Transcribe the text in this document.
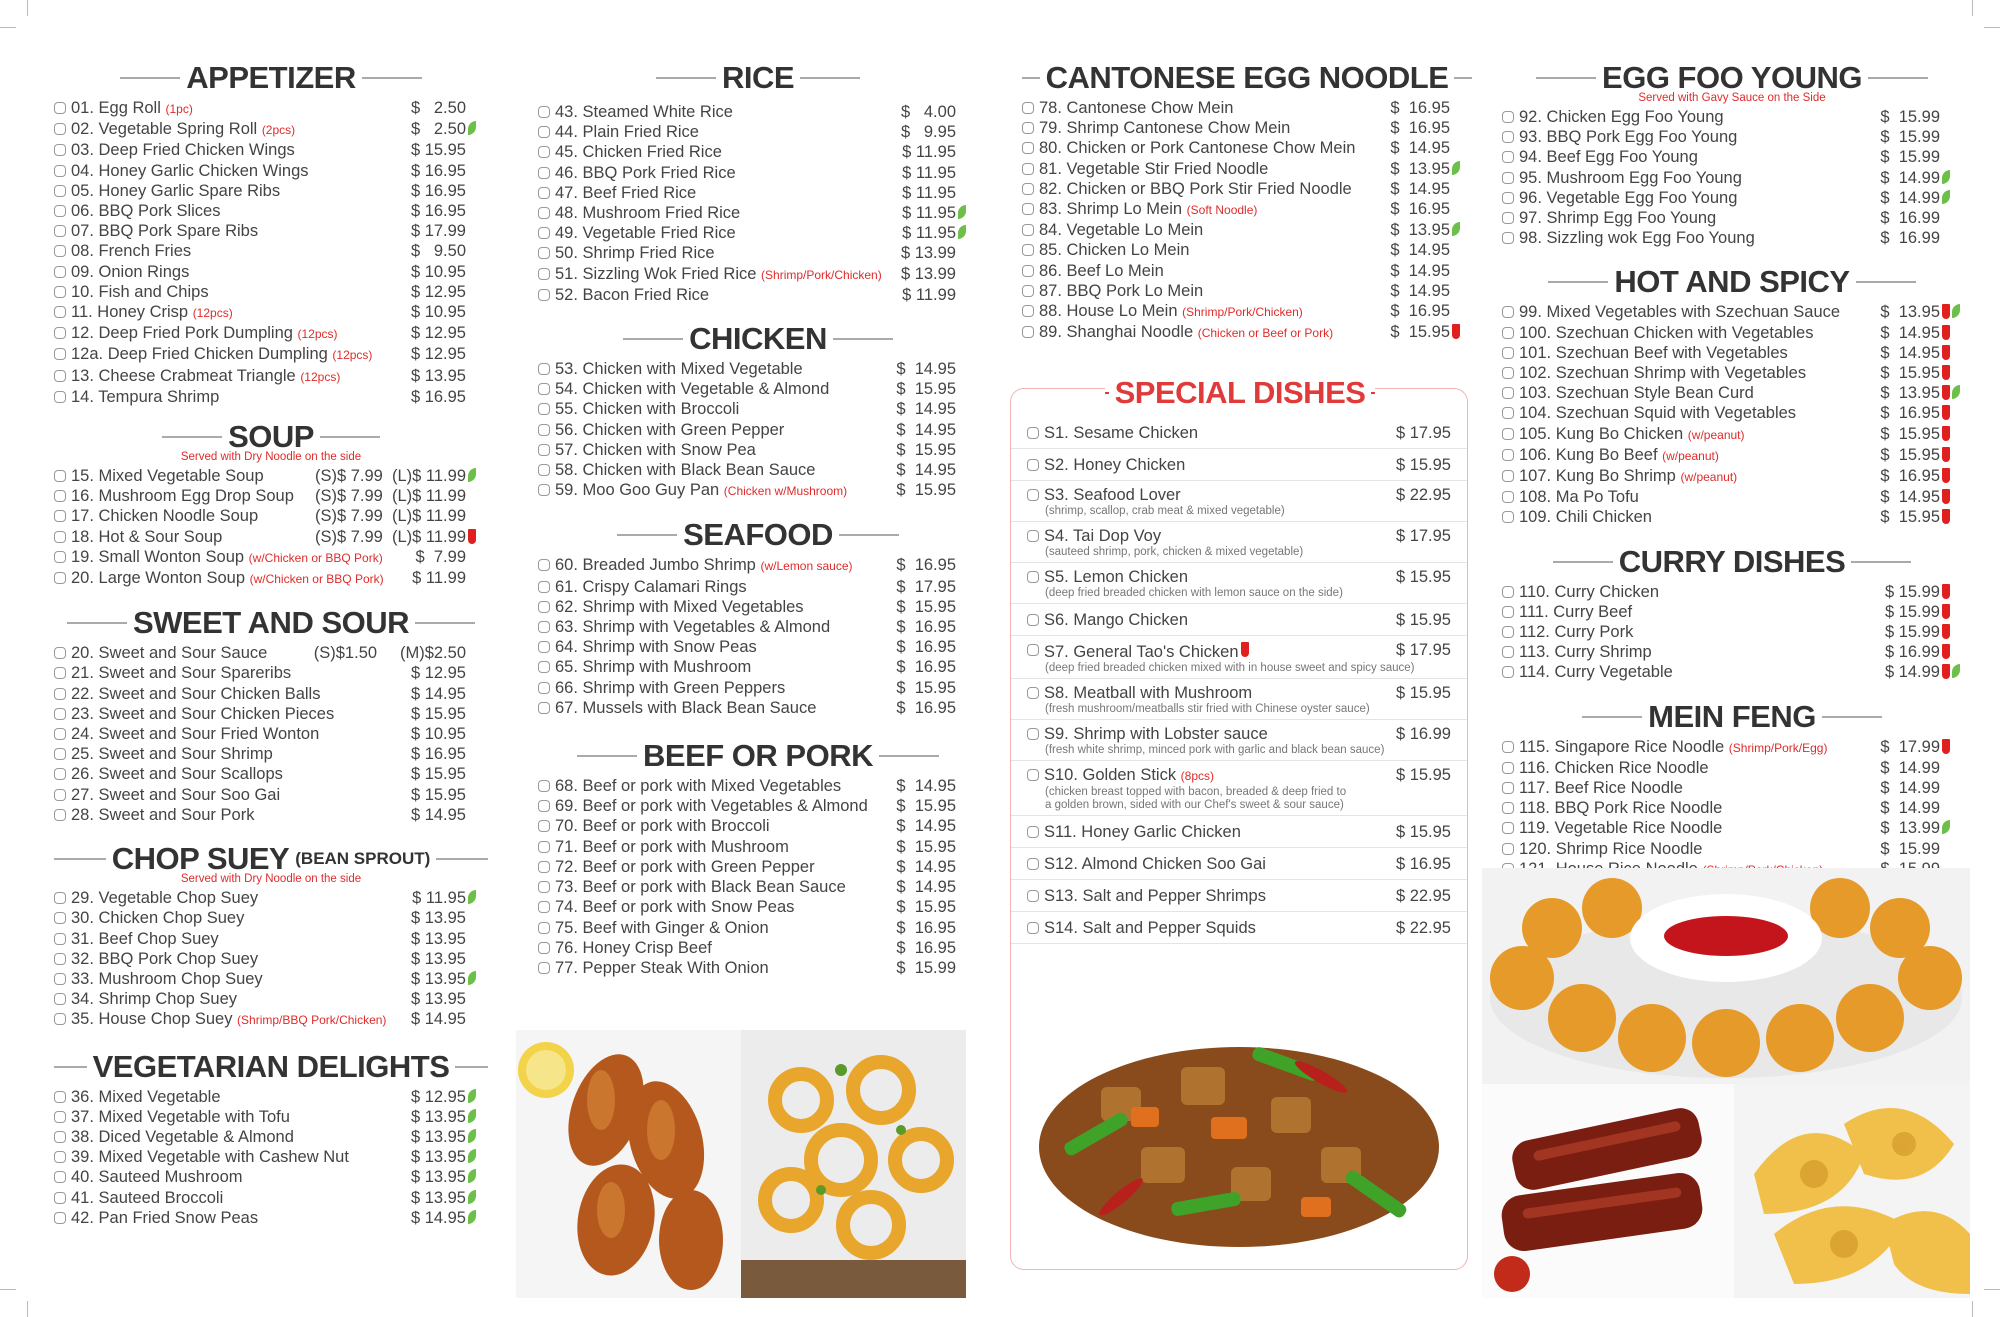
APPETIZER
01. Egg Roll (1pc)	$   2.50
02. Vegetable Spring Roll (2pcs)	$   2.50
03. Deep Fried Chicken Wings	$ 15.95
04. Honey Garlic Chicken Wings	$ 16.95
05. Honey Garlic Spare Ribs	$ 16.95
06. BBQ Pork Slices	$ 16.95
07. BBQ Pork Spare Ribs	$ 17.99
08. French Fries	$   9.50
09. Onion Rings	$ 10.95
10. Fish and Chips	$ 12.95
11. Honey Crisp (12pcs)	$ 10.95
12. Deep Fried Pork Dumpling (12pcs)	$ 12.95
12a. Deep Fried Chicken Dumpling (12pcs)	$ 12.95
13. Cheese Crabmeat Triangle (12pcs)	$ 13.95
14. Tempura Shrimp	$ 16.95
SOUP
Served with Dry Noodle on the side
15. Mixed Vegetable Soup	(S)$ 7.99  (L)$ 11.99
16. Mushroom Egg Drop Soup	(S)$ 7.99  (L)$ 11.99
17. Chicken Noodle Soup	(S)$ 7.99  (L)$ 11.99
18. Hot & Sour Soup	(S)$ 7.99  (L)$ 11.99
19. Small Wonton Soup (w/Chicken or BBQ Pork)	$  7.99
20. Large Wonton Soup (w/Chicken or BBQ Pork)	$ 11.99
SWEET AND SOUR
20. Sweet and Sour Sauce	(S)$1.50     (M)$2.50
21. Sweet and Sour Spareribs	$ 12.95
22. Sweet and Sour Chicken Balls	$ 14.95
23. Sweet and Sour Chicken Pieces	$ 15.95
24. Sweet and Sour Fried Wonton	$ 10.95
25. Sweet and Sour Shrimp	$ 16.95
26. Sweet and Sour Scallops	$ 15.95
27. Sweet and Sour Soo Gai	$ 15.95
28. Sweet and Sour Pork	$ 14.95
CHOP SUEY (BEAN SPROUT)
Served with Dry Noodle on the side
29. Vegetable Chop Suey	$ 11.95
30. Chicken Chop Suey	$ 13.95
31. Beef Chop Suey	$ 13.95
32. BBQ Pork Chop Suey	$ 13.95
33. Mushroom Chop Suey	$ 13.95
34. Shrimp Chop Suey	$ 13.95
35. House Chop Suey (Shrimp/BBQ Pork/Chicken)	$ 14.95
VEGETARIAN DELIGHTS
36. Mixed Vegetable	$ 12.95
37. Mixed Vegetable with Tofu	$ 13.95
38. Diced Vegetable & Almond	$ 13.95
39. Mixed Vegetable with Cashew Nut	$ 13.95
40. Sauteed Mushroom	$ 13.95
41. Sauteed Broccoli	$ 13.95
42. Pan Fried Snow Peas	$ 14.95
RICE
43. Steamed White Rice	$   4.00
44. Plain Fried Rice	$   9.95
45. Chicken Fried Rice	$ 11.95
46. BBQ Pork Fried Rice	$ 11.95
47. Beef Fried Rice	$ 11.95
48. Mushroom Fried Rice	$ 11.95
49. Vegetable Fried Rice	$ 11.95
50. Shrimp Fried Rice	$ 13.99
51. Sizzling Wok Fried Rice (Shrimp/Pork/Chicken)	$ 13.99
52. Bacon Fried Rice	$ 11.99
CHICKEN
53. Chicken with Mixed Vegetable	$  14.95
54. Chicken with Vegetable & Almond	$  15.95
55. Chicken with Broccoli	$  14.95
56. Chicken with Green Pepper	$  14.95
57. Chicken with Snow Pea	$  15.95
58. Chicken with Black Bean Sauce	$  14.95
59. Moo Goo Guy Pan (Chicken w/Mushroom)	$  15.95
SEAFOOD
60. Breaded Jumbo Shrimp (w/Lemon sauce)	$  16.95
61. Crispy Calamari Rings	$  17.95
62. Shrimp with Mixed Vegetables	$  15.95
63. Shrimp with Vegetables & Almond	$  16.95
64. Shrimp with Snow Peas	$  16.95
65. Shrimp with Mushroom	$  16.95
66. Shrimp with Green Peppers	$  15.95
67. Mussels with Black Bean Sauce	$  16.95
BEEF OR PORK
68. Beef or pork with Mixed Vegetables	$  14.95
69. Beef or pork with Vegetables & Almond	$  15.95
70. Beef or pork with Broccoli	$  14.95
71. Beef or pork with Mushroom	$  15.95
72. Beef or pork with Green Pepper	$  14.95
73. Beef or pork with Black Bean Sauce	$  14.95
74. Beef or pork with Snow Peas	$  15.95
75. Beef with Ginger & Onion	$  16.95
76. Honey Crisp Beef	$  16.95
77. Pepper Steak With Onion	$  15.99
CANTONESE EGG NOODLE
78. Cantonese Chow Mein	$  16.95
79. Shrimp Cantonese Chow Mein	$  16.95
80. Chicken or Pork Cantonese Chow Mein	$  14.95
81. Vegetable Stir Fried Noodle	$  13.95
82. Chicken or BBQ Pork Stir Fried Noodle	$  14.95
83. Shrimp Lo Mein (Soft Noodle)	$  16.95
84. Vegetable Lo Mein	$  13.95
85. Chicken Lo Mein	$  14.95
86. Beef Lo Mein	$  14.95
87. BBQ Pork Lo Mein	$  14.95
88. House Lo Mein (Shrimp/Pork/Chicken)	$  16.95
89. Shanghai Noodle (Chicken or Beef or Pork)	$  15.95
EGG FOO YOUNG
Served with Gavy Sauce on the Side
92. Chicken Egg Foo Young	$  15.99
93. BBQ Pork Egg Foo Young	$  15.99
94. Beef Egg Foo Young	$  15.99
95. Mushroom Egg Foo Young	$  14.99
96. Vegetable Egg Foo Young	$  14.99
97. Shrimp Egg Foo Young	$  16.99
98. Sizzling wok Egg Foo Young	$  16.99
HOT AND SPICY
99. Mixed Vegetables with Szechuan Sauce	$  13.95
100. Szechuan Chicken with Vegetables	$  14.95
101. Szechuan Beef with Vegetables	$  14.95
102. Szechuan Shrimp with Vegetables	$  15.95
103. Szechuan Style Bean Curd	$  13.95
104. Szechuan Squid with Vegetables	$  16.95
105. Kung Bo Chicken (w/peanut)	$  15.95
106. Kung Bo Beef (w/peanut)	$  15.95
107. Kung Bo Shrimp (w/peanut)	$  16.95
108. Ma Po Tofu	$  14.95
109. Chili Chicken	$  15.95
CURRY DISHES
110. Curry Chicken	$ 15.99
111. Curry Beef	$ 15.99
112. Curry Pork	$ 15.99
113. Curry Shrimp	$ 16.99
114. Curry Vegetable	$ 14.99
MEIN FENG
115. Singapore Rice Noodle (Shrimp/Pork/Egg)	$  17.99
116. Chicken Rice Noodle	$  14.99
117. Beef Rice Noodle	$  14.99
118. BBQ Pork Rice Noodle	$  14.99
119. Vegetable Rice Noodle	$  13.99
120. Shrimp Rice Noodle	$  15.99
SPECIAL DISHES
S1. Sesame Chicken	$ 17.95
S2. Honey Chicken	$ 15.95
S3. Seafood Lover	$ 22.95
(shrimp, scallop, crab meat & mixed vegetable)
S4. Tai Dop Voy	$ 17.95
(sauteed shrimp, pork, chicken & mixed vegetable)
S5. Lemon Chicken	$ 15.95
(deep fried breaded chicken with lemon sauce on the side)
S6. Mango Chicken	$ 15.95
S7. General Tao's Chicken	$ 17.95
(deep fried breaded chicken mixed with in house sweet and spicy sauce)
S8. Meatball with Mushroom	$ 15.95
(fresh mushroom/meatballs stir fried with Chinese oyster sauce)
S9. Shrimp with Lobster sauce	$ 16.99
(fresh white shrimp, minced pork with garlic and black bean sauce)
S10. Golden Stick (8pcs)	$ 15.95
(chicken breast topped with bacon, breaded & deep fried to
a golden brown, sided with our Chef's sweet & sour sauce)
S11. Honey Garlic Chicken	$ 15.95
S12. Almond Chicken Soo Gai	$ 16.95
S13. Salt and Pepper Shrimps	$ 22.95
S14. Salt and Pepper Squids	$ 22.95
